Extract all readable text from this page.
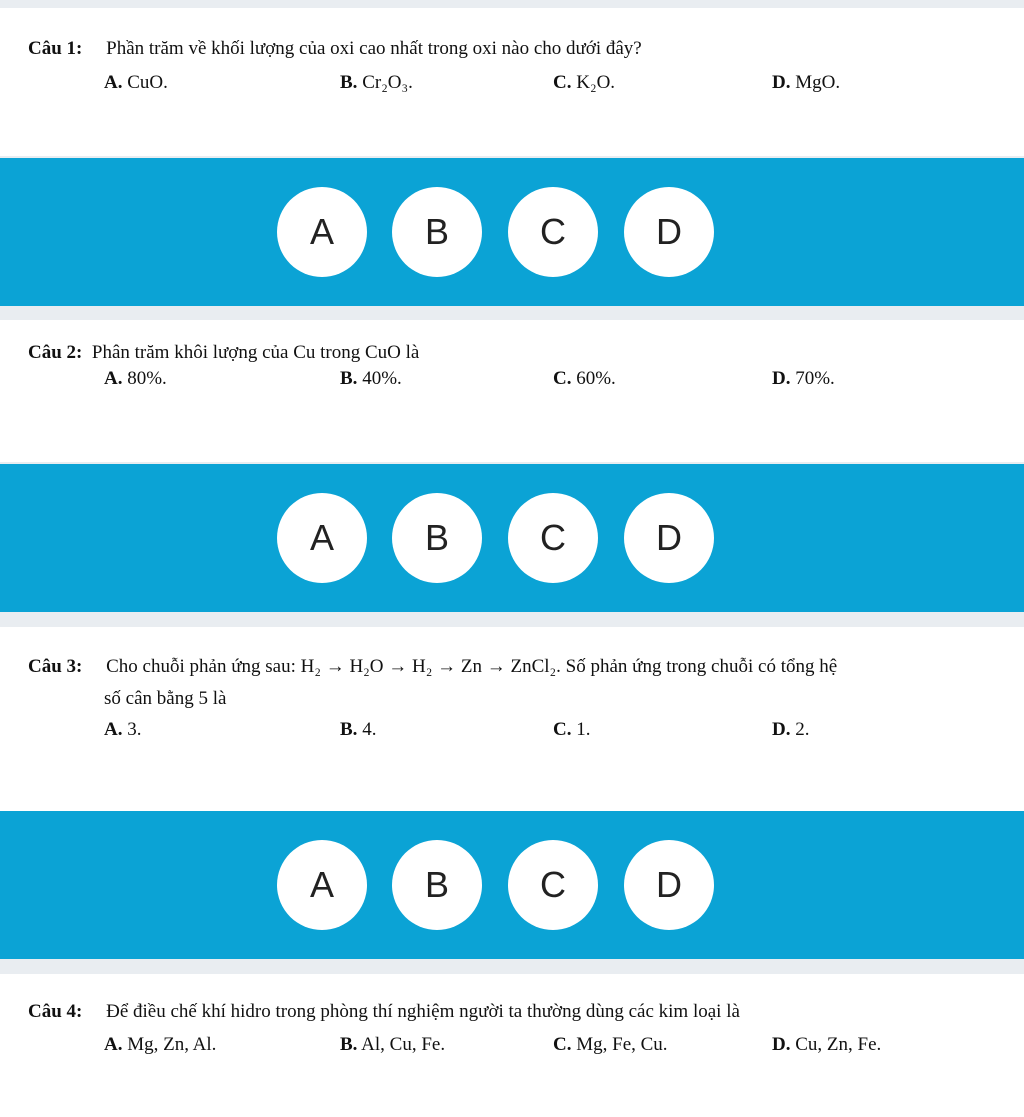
Câu 1: Phần trăm về khối lượng của oxi cao nhất trong oxi nào cho dưới đây?
A. CuO.	B. Cr₂O₃.	C. K₂O.	D. MgO.
A	B	C	D
Câu 2: Phân trăm khôi lượng của Cu trong CuO là
A. 80%.	B. 40%.	C. 60%.	D. 70%.
A	B	C	D
Câu 3: Cho chuỗi phản ứng sau: H₂ → H₂O → H₂ → Zn → ZnCl₂. Số phản ứng trong chuỗi có tổng hệ
số cân bằng 5 là
A. 3.	B. 4.	C. 1.	D. 2.
A	B	C	D
Câu 4: Để điều chế khí hidro trong phòng thí nghiệm người ta thường dùng các kim loại là
A. Mg, Zn, Al.	B. Al, Cu, Fe.	C. Mg, Fe, Cu.	D. Cu, Zn, Fe.
